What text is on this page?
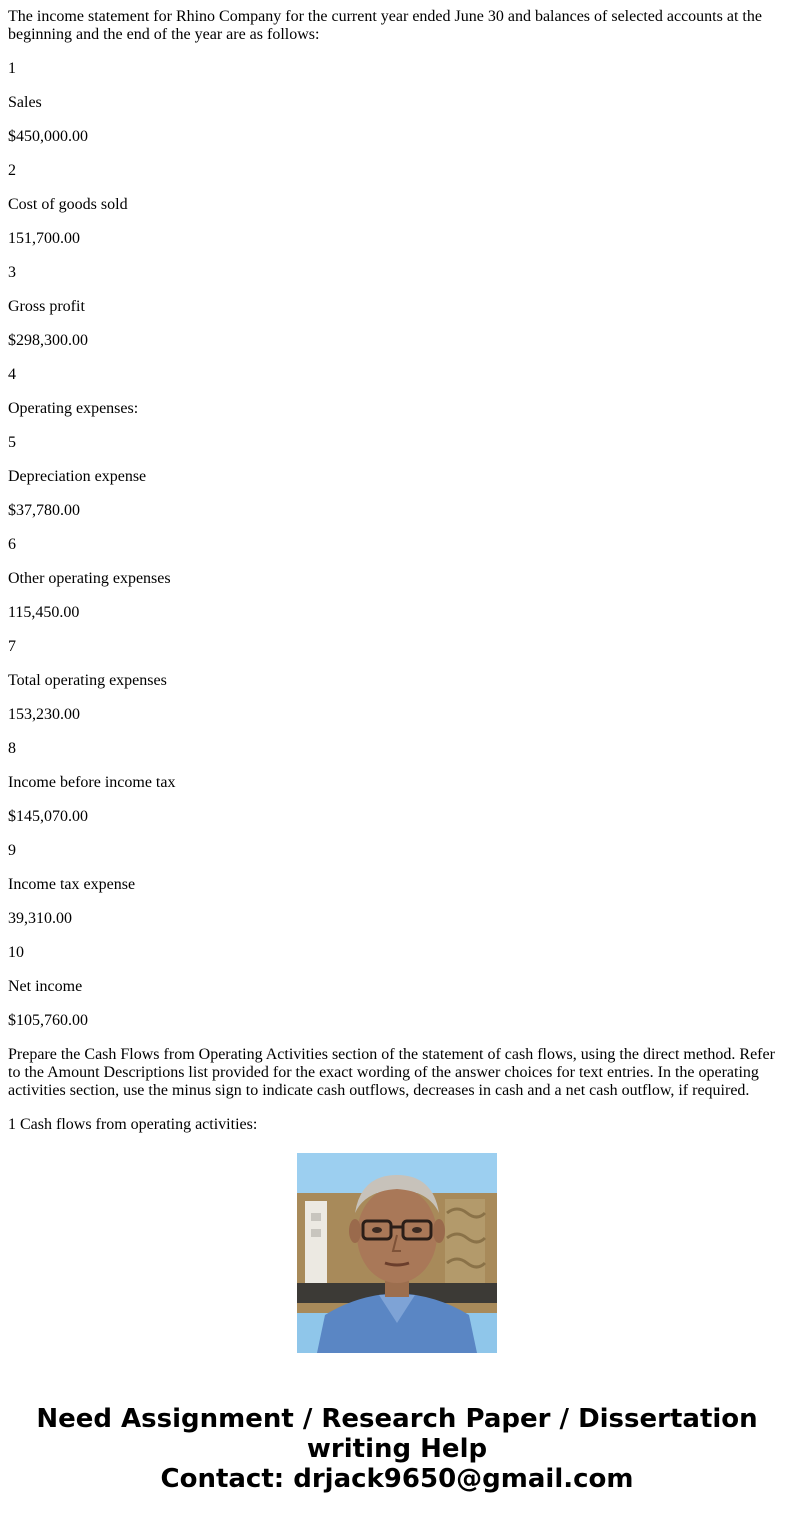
The income statement for Rhino Company for the current year ended June 30 and balances of selected accounts at the beginning and the end of the year are as follows:

1

Sales

$450,000.00

2

Cost of goods sold

151,700.00

3

Gross profit

$298,300.00

4

Operating expenses:

5

Depreciation expense

$37,780.00

6

Other operating expenses

115,450.00

7

Total operating expenses

153,230.00

8

Income before income tax

$145,070.00

9

Income tax expense

39,310.00

10

Net income

$105,760.00

Prepare the Cash Flows from Operating Activities section of the statement of cash flows, using the direct method. Refer to the Amount Descriptions list provided for the exact wording of the answer choices for text entries. In the operating activities section, use the minus sign to indicate cash outflows, decreases in cash and a net cash outflow, if required.

1 Cash flows from operating activities:

Need Assignment / Research Paper / Dissertation
writing Help
Contact: drjack9650@gmail.com
